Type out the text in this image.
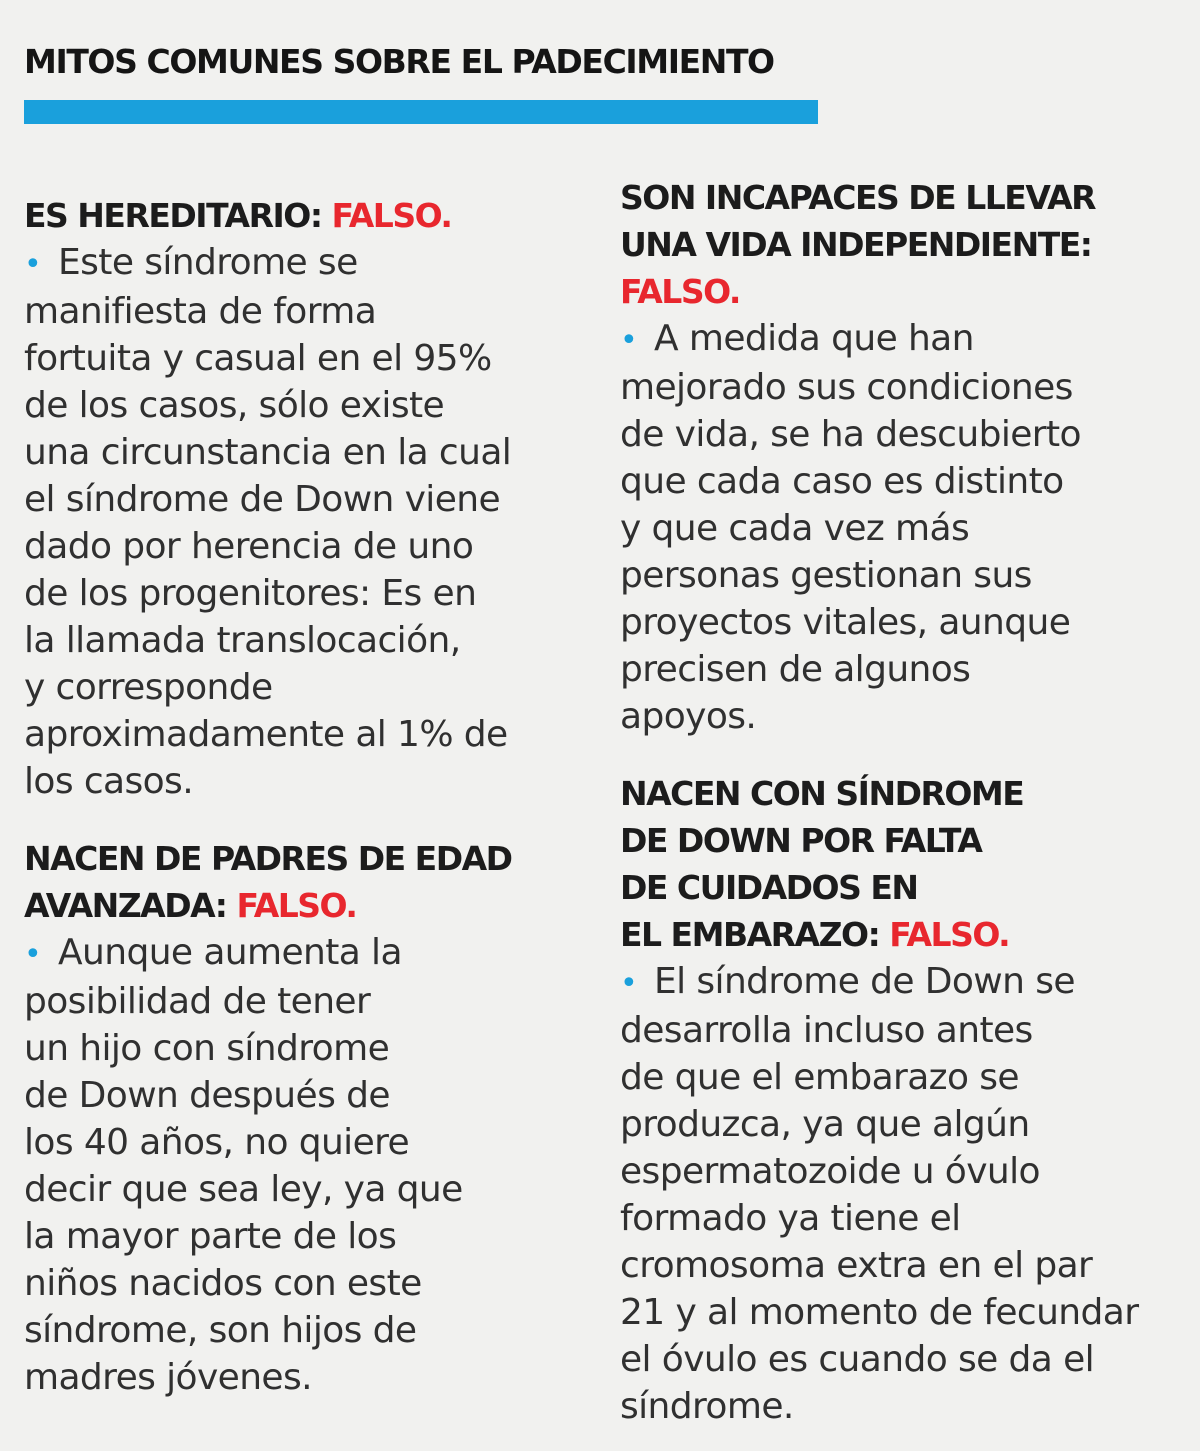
MITOS COMUNES SOBRE EL PADECIMIENTO
ES HEREDITARIO: FALSO.
• Este síndrome se
manifiesta de forma
fortuita y casual en el 95%
de los casos, sólo existe
una circunstancia en la cual
el síndrome de Down viene
dado por herencia de uno
de los progenitores: Es en
la llamada translocación,
y corresponde
aproximadamente al 1% de
los casos.
NACEN DE PADRES DE EDAD
AVANZADA: FALSO.
• Aunque aumenta la
posibilidad de tener
un hijo con síndrome
de Down después de
los 40 años, no quiere
decir que sea ley, ya que
la mayor parte de los
niños nacidos con este
síndrome, son hijos de
madres jóvenes.
SON INCAPACES DE LLEVAR
UNA VIDA INDEPENDIENTE:
FALSO.
• A medida que han
mejorado sus condiciones
de vida, se ha descubierto
que cada caso es distinto
y que cada vez más
personas gestionan sus
proyectos vitales, aunque
precisen de algunos
apoyos.
NACEN CON SÍNDROME
DE DOWN POR FALTA
DE CUIDADOS EN
EL EMBARAZO: FALSO.
• El síndrome de Down se
desarrolla incluso antes
de que el embarazo se
produzca, ya que algún
espermatozoide u óvulo
formado ya tiene el
cromosoma extra en el par
21 y al momento de fecundar
el óvulo es cuando se da el
síndrome.
